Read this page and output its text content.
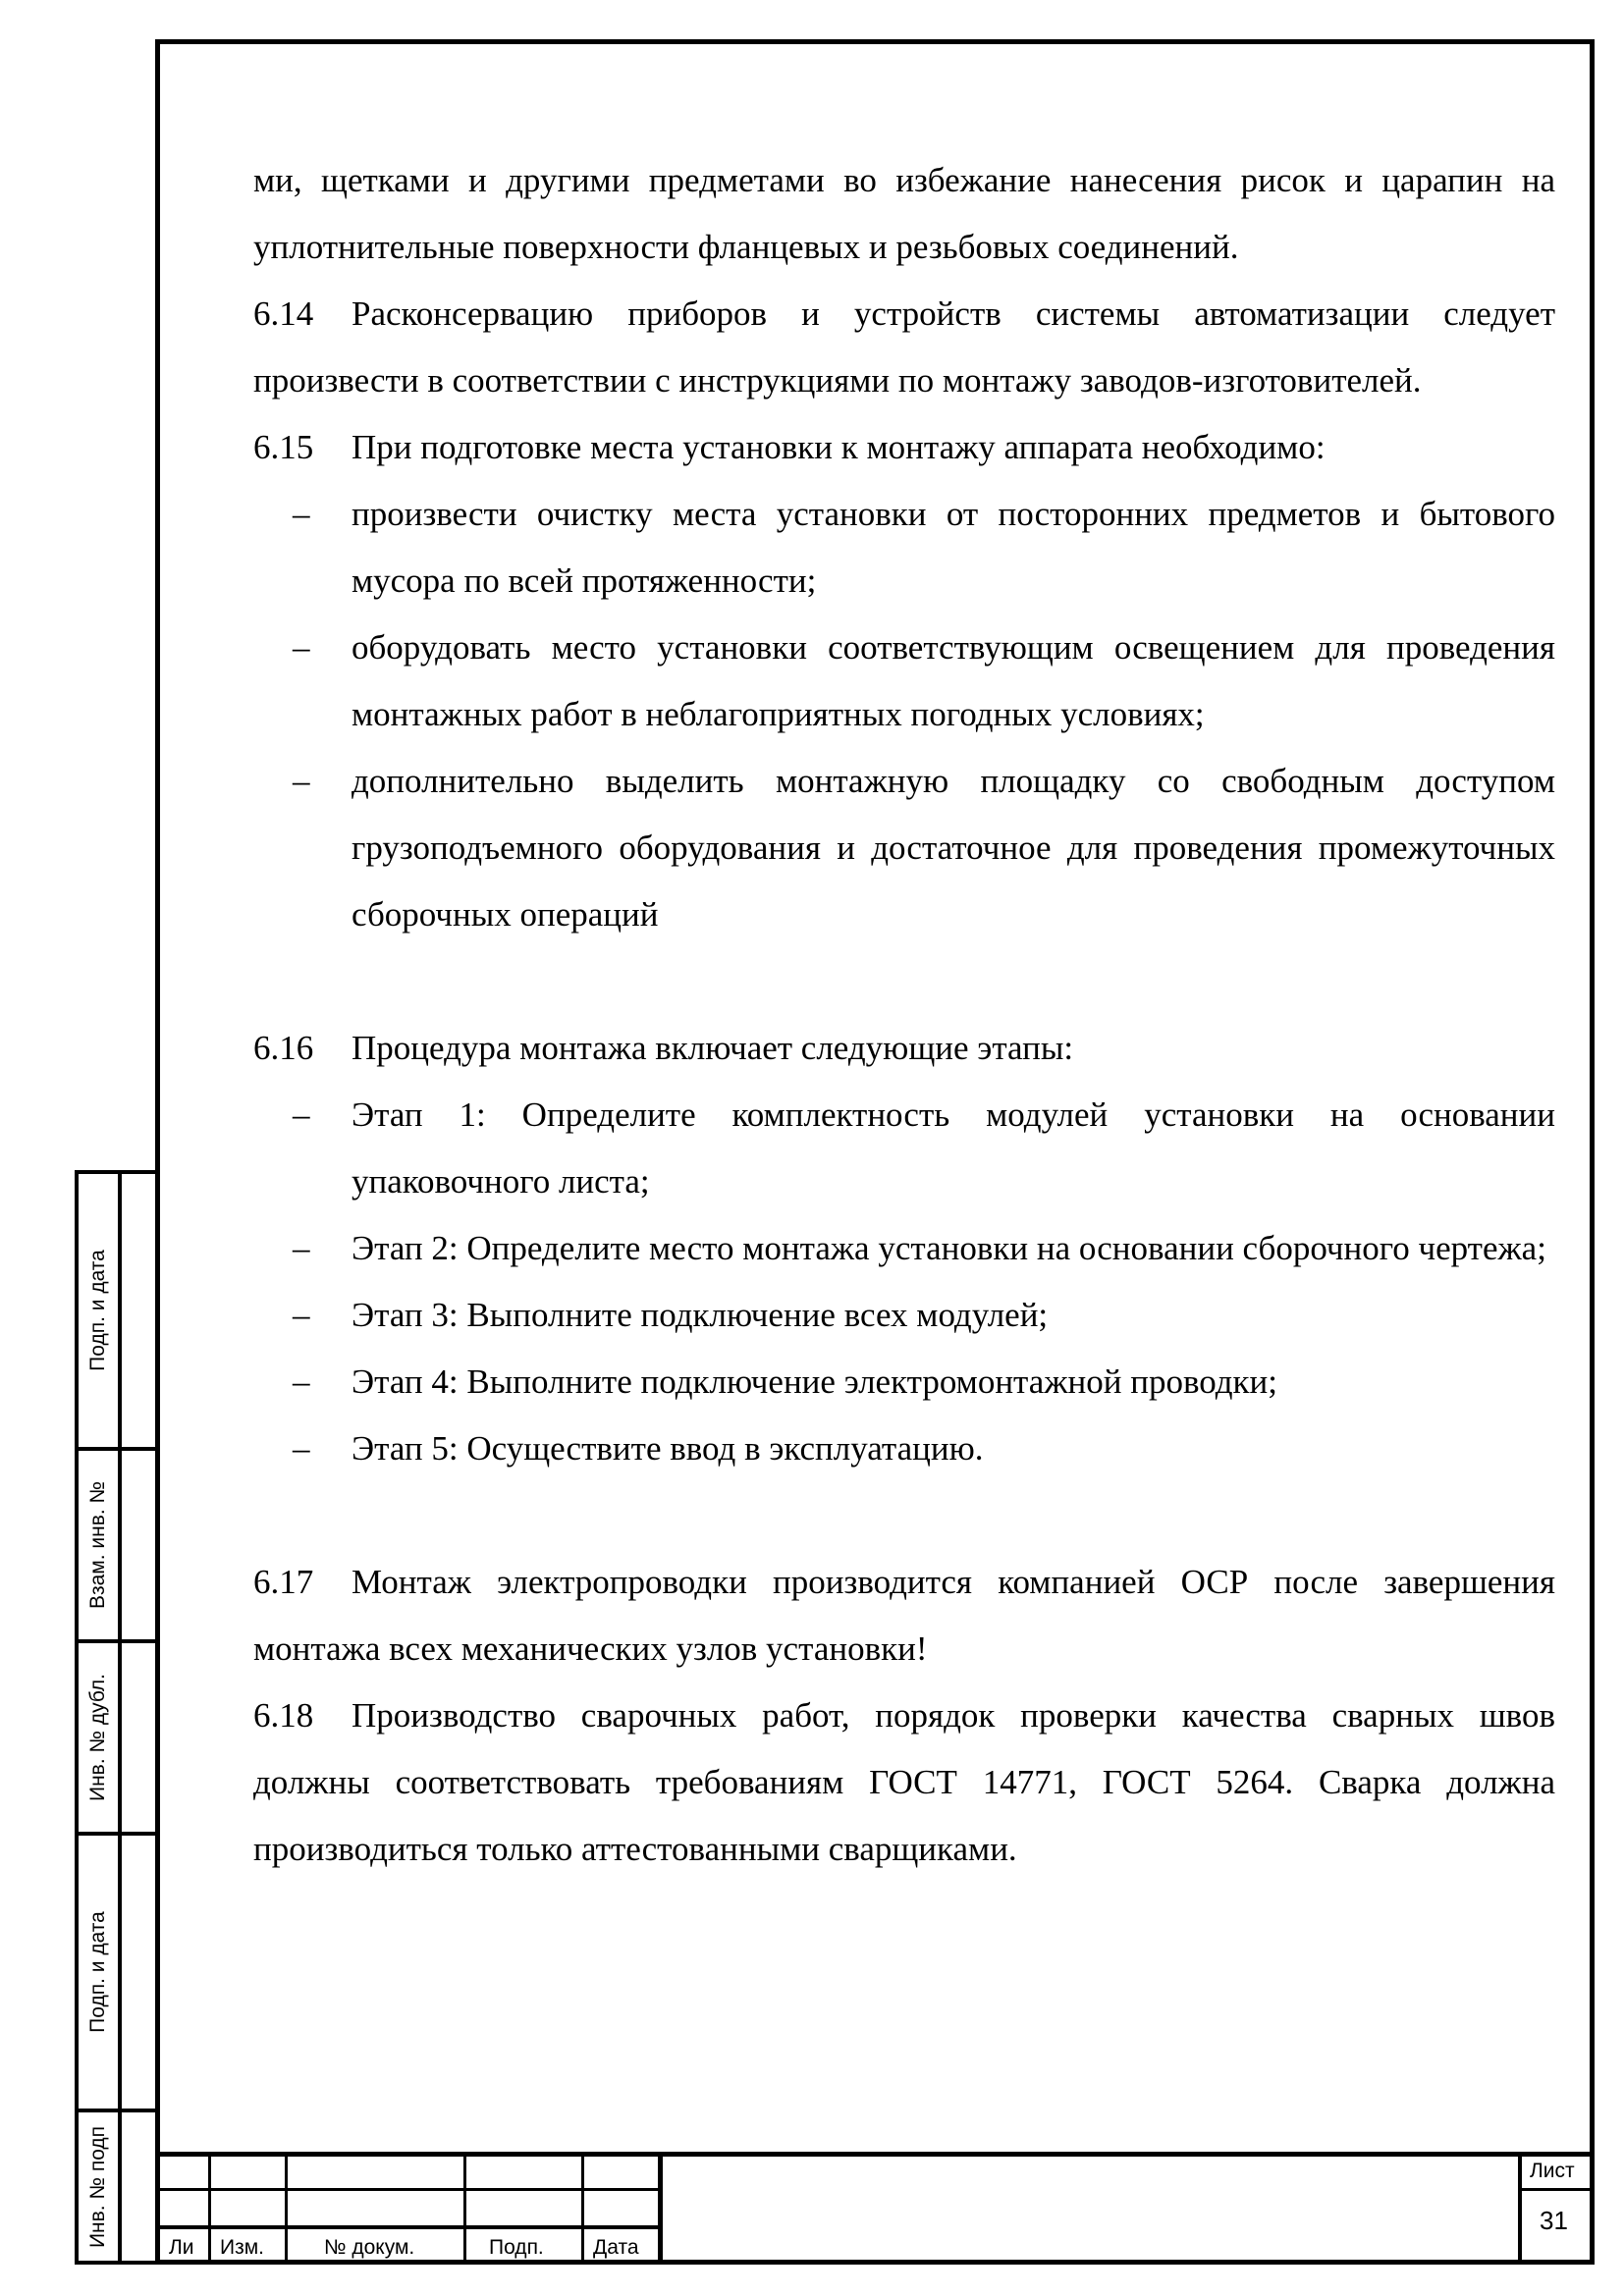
ми, щетками и другими предметами во избежание нанесения рисок и царапин на уплотнительные поверхности фланцевых и резьбовых соединений.

6.14 Расконсервацию приборов и устройств системы автоматизации следует произвести в соответствии с инструкциями по монтажу заводов-изготовителей.

6.15 При подготовке места установки к монтажу аппарата необходимо:

– произвести очистку места установки от посторонних предметов и бытового мусора по всей протяженности;
– оборудовать место установки соответствующим освещением для проведения монтажных работ в неблагоприятных погодных условиях;
– дополнительно выделить монтажную площадку со свободным доступом грузоподъемного оборудования и достаточное для проведения промежуточных сборочных операций

6.16 Процедура монтажа включает следующие этапы:

– Этап 1: Определите комплектность модулей установки на основании упаковочного листа;
– Этап 2: Определите место монтажа установки на основании сборочного чертежа;
– Этап 3: Выполните подключение всех модулей;
– Этап 4: Выполните подключение электромонтажной проводки;
– Этап 5: Осуществите ввод в эксплуатацию.

6.17 Монтаж электропроводки производится компанией ОСР после завершения монтажа всех механических узлов установки!

6.18 Производство сварочных работ, порядок проверки качества сварных швов должны соответствовать требованиям ГОСТ 14771, ГОСТ 5264. Сварка должна производиться только аттестованными сварщиками.

Подп. и дата
Взам. инв. №
Инв. № дубл.
Подп. и дата
Инв. № подп	Ли Изм.	№ докум.	Подп. Дата
Лист
31
